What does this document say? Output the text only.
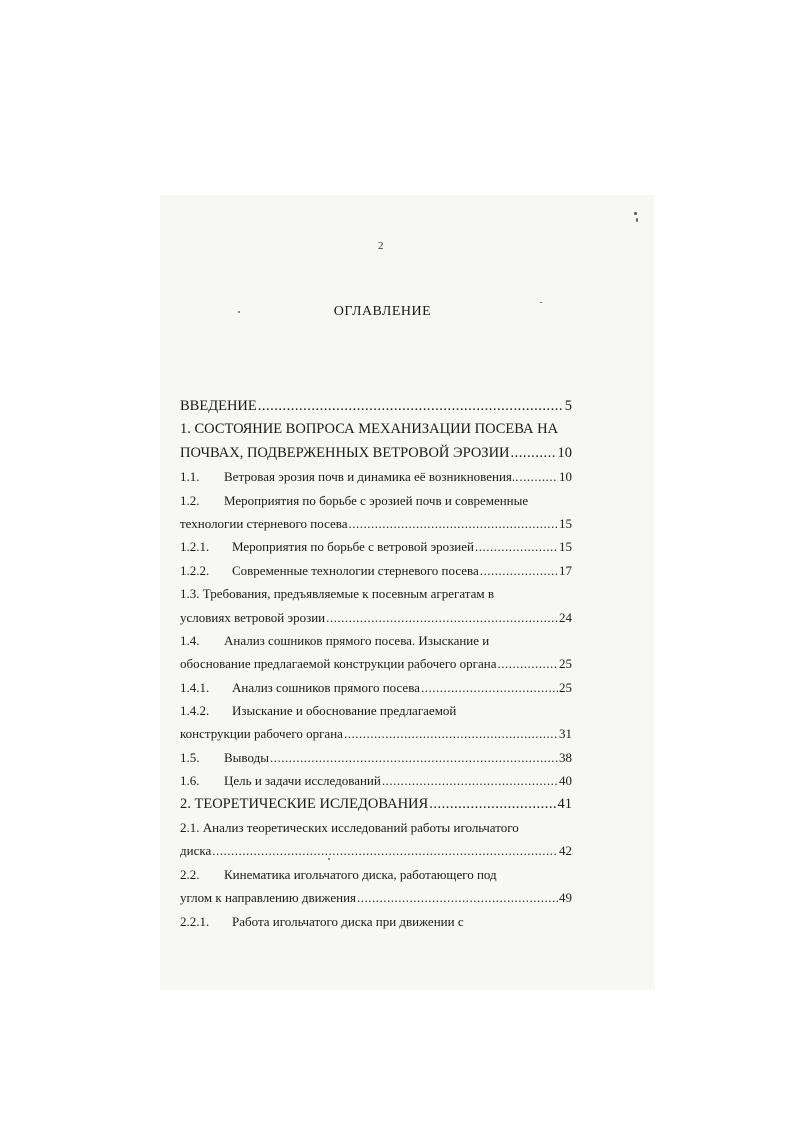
2
ОГЛАВЛЕНИЕ
ВВЕДЕНИЕ .....	5
1. СОСТОЯНИЕ ВОПРОСА МЕХАНИЗАЦИИ ПОСЕВА НА
ПОЧВАХ, ПОДВЕРЖЕННЫХ ВЕТРОВОЙ ЭРОЗИИ .....	10
1.1. Ветровая эрозия почв и динамика её возникновения.. .....	10
1.2. Мероприятия по борьбе с эрозией почв и современные
технологии стерневого посева .....	15
1.2.1. Мероприятия по борьбе с ветровой эрозией .....	15
1.2.2. Современные технологии стерневого посева .....	17
1.3. Требования, предъявляемые к посевным агрегатам в
условиях ветровой эрозии .....	24
1.4. Анализ сошников прямого посева. Изыскание и
обоснование предлагаемой конструкции рабочего органа .....	25
1.4.1. Анализ сошников прямого посева .....	25
1.4.2. Изыскание и обоснование предлагаемой
конструкции рабочего органа .....	31
1.5. Выводы .....	38
1.6. Цель и задачи исследований .....	40
2. ТЕОРЕТИЧЕСКИЕ ИСЛЕДОВАНИЯ .....	41
2.1. Анализ теоретических исследований работы игольчатого
диска .....	42
2.2. Кинематика игольчатого диска, работающего под
углом к направлению движения .....	49
2.2.1. Работа игольчатого диска при движении с
